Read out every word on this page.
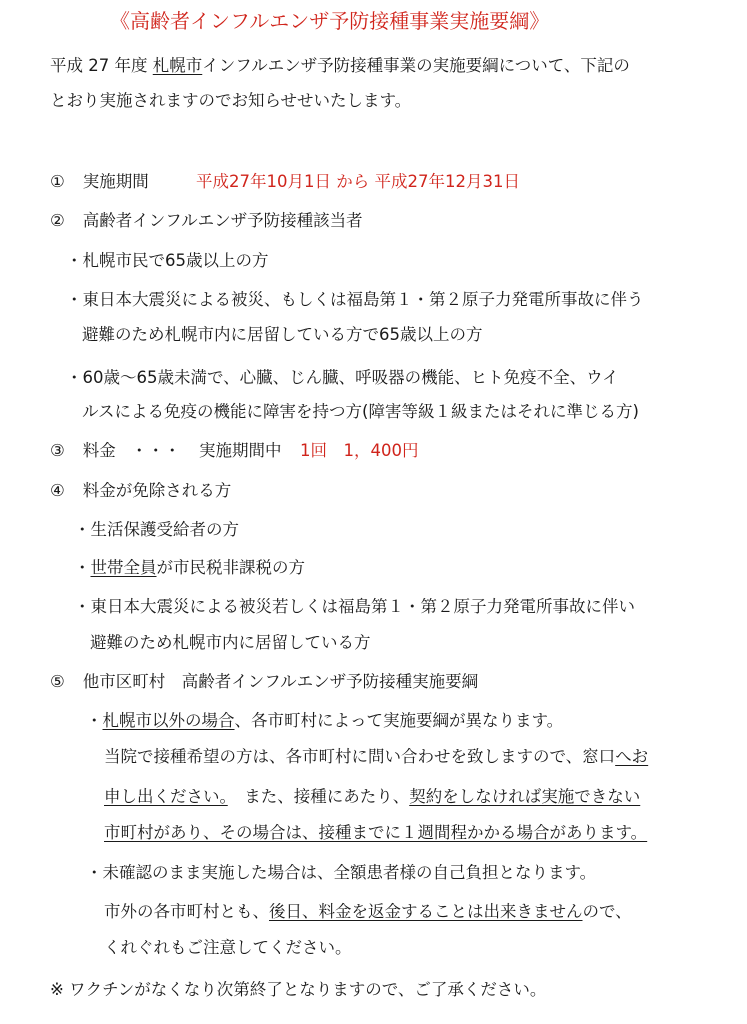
《高齢者インフルエンザ予防接種事業実施要綱》
平成 27 年度 札幌市インフルエンザ予防接種事業の実施要綱について、下記の
とおり実施されますのでお知らせせいたします。
① 実施期間	平成27年10月1日 から 平成27年12月31日
② 高齢者インフルエンザ予防接種該当者
・札幌市民で65歳以上の方
・東日本大震災による被災、もしくは福島第１・第２原子力発電所事故に伴う
避難のため札幌市内に居留している方で65歳以上の方
・60歳～65歳未満で、心臓、じん臓、呼吸器の機能、ヒト免疫不全、ウイ
ルスによる免疫の機能に障害を持つ方(障害等級１級またはそれに準じる方)
③ 料金 ・・・ 実施期間中 1回　1，400円
④ 料金が免除される方
・生活保護受給者の方
・世帯全員が市民税非課税の方
・東日本大震災による被災若しくは福島第１・第２原子力発電所事故に伴い
避難のため札幌市内に居留している方
⑤ 他市区町村　高齢者インフルエンザ予防接種実施要綱
・札幌市以外の場合、各市町村によって実施要綱が異なります。
当院で接種希望の方は、各市町村に問い合わせを致しますので、窓口へお
申し出ください。　また、接種にあたり、契約をしなければ実施できない
市町村があり、その場合は、接種までに１週間程かかる場合があります。
・未確認のまま実施した場合は、全額患者様の自己負担となります。
市外の各市町村とも、後日、料金を返金することは出来きませんので、
くれぐれもご注意してください。
※ ワクチンがなくなり次第終了となりますので、ご了承ください。
